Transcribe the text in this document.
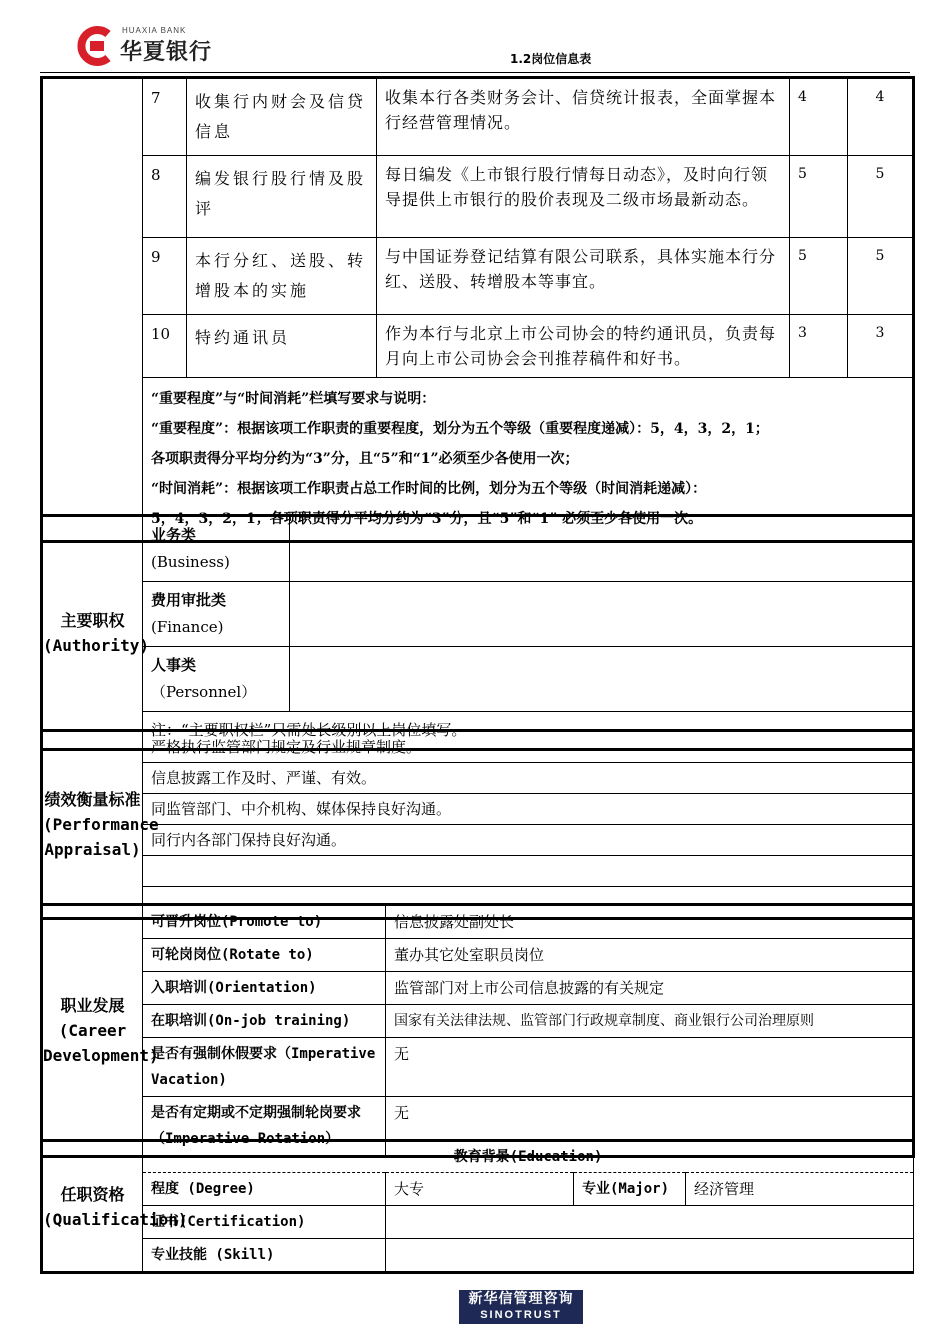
HUAXIA BANK
华夏银行	1.2岗位信息表
	7	收集行内财会及信贷信息	收集本行各类财务会计、信贷统计报表，全面掌握本行经营管理情况。	4	4
	8	编发银行股行情及股评	每日编发《上市银行股行情每日动态》，及时向行领导提供上市银行的股价表现及二级市场最新动态。	5	5
	9	本行分红、送股、转增股本的实施	与中国证券登记结算有限公司联系，具体实施本行分红、送股、转增股本等事宜。	5	5
	10	特约通讯员	作为本行与北京上市公司协会的特约通讯员，负责每月向上市公司协会会刊推荐稿件和好书。	3	3

	“重要程度”与“时间消耗”栏填写要求与说明：
“重要程度”：根据该项工作职责的重要程度，划分为五个等级（重要程度递减）：5，4，3，2，1；
各项职责得分平均分约为“3”分，且“5”和“1”必须至少各使用一次；
“时间消耗”：根据该项工作职责占总工作时间的比例，划分为五个等级（时间消耗递减）：
5，4，3，2，1；各项职责得分平均分约为“3”分，且“5”和“1” 必须至少各使用一次。				
主要职权(Authority)	业务类
(Business)	

	费用审批类
(Finance)	

	人事类
（Personnel）	

	注：“主要职权栏”只需处长级别以上岗位填写。	
绩效衡量标准(Performance Appraisal)	严格执行监管部门规定及行业规章制度。
信息披露工作及时、严谨、有效。
同监管部门、中介机构、媒体保持良好沟通。
同行内各部门保持良好沟通。

职业发展(Career Development)	可晋升岗位(Promote to)	信息披露处副处长
	可轮岗岗位(Rotate to)	董办其它处室职员岗位
	入职培训(Orientation)	监管部门对上市公司信息披露的有关规定
	在职培训(On-job training)	国家有关法律法规、监管部门行政规章制度、商业银行公司治理原则
	是否有强制休假要求（Imperative Vacation)	无
	是否有定期或不定期强制轮岗要求（Imperative Rotation）	无
任职资格(Qualification)	教育背景(Education)			
	程度 (Degree)	大专	专业(Major)	经济管理
	证书(Certification)			
	专业技能 (Skill)			
新华信管理咨询
SINOTRUST
